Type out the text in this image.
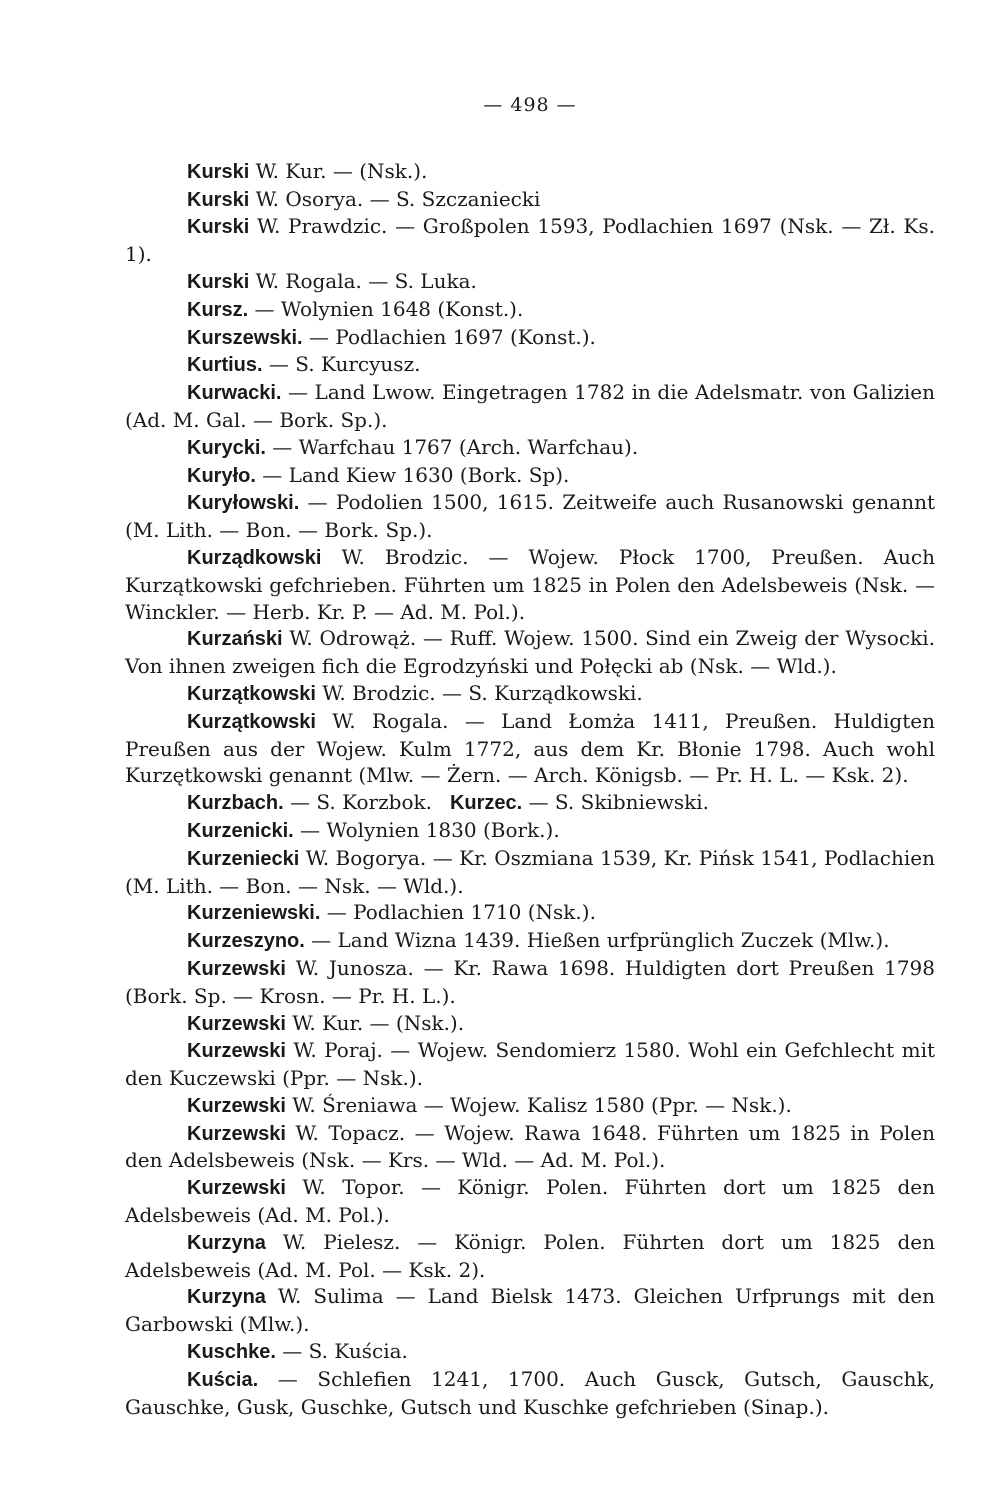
— 498 —

Kurski W. Kur. — (Nsk.).

Kurski W. Osorya. — S. Szczaniecki

Kurski W. Prawdzic. — Großpolen 1593, Podlachien 1697 (Nsk. — Zł. Ks. 1).

Kurski W. Rogala. — S. Luka.

Kursz. — Wolynien 1648 (Konst.).

Kurszewski. — Podlachien 1697 (Konst.).

Kurtius. — S. Kurcyusz.

Kurwacki. — Land Lwow. Eingetragen 1782 in die Adelsmatr. von Galizien (Ad. M. Gal. — Bork. Sp.).

Kurycki. — Warfchau 1767 (Arch. Warfchau).

Kuryło. — Land Kiew 1630 (Bork. Sp).

Kuryłowski. — Podolien 1500, 1615. Zeitweife auch Rusanowski genannt (M. Lith. — Bon. — Bork. Sp.).

Kurządkowski W. Brodzic. — Wojew. Płock 1700, Preußen. Auch Kurzątkowski gefchrieben. Führten um 1825 in Polen den Adelsbeweis (Nsk. — Winckler. — Herb. Kr. P. — Ad. M. Pol.).

Kurzański W. Odrowąż. — Ruff. Wojew. 1500. Sind ein Zweig der Wysocki. Von ihnen zweigen fich die Egrodzyński und Połęcki ab (Nsk. — Wld.).

Kurzątkowski W. Brodzic. — S. Kurządkowski.

Kurzątkowski W. Rogala. — Land Łomża 1411, Preußen. Huldigten Preußen aus der Wojew. Kulm 1772, aus dem Kr. Błonie 1798. Auch wohl Kurzętkowski genannt (Mlw. — Żern. — Arch. Königsb. — Pr. H. L. — Ksk. 2).

Kurzbach. — S. Korzbok. Kurzec. — S. Skibniewski.

Kurzenicki. — Wolynien 1830 (Bork.).

Kurzeniecki W. Bogorya. — Kr. Oszmiana 1539, Kr. Pińsk 1541, Podlachien (M. Lith. — Bon. — Nsk. — Wld.).

Kurzeniewski. — Podlachien 1710 (Nsk.).

Kurzeszyno. — Land Wizna 1439. Hießen urfprünglich Zuczek (Mlw.).

Kurzewski W. Junosza. — Kr. Rawa 1698. Huldigten dort Preußen 1798 (Bork. Sp. — Krosn. — Pr. H. L.).

Kurzewski W. Kur. — (Nsk.).

Kurzewski W. Poraj. — Wojew. Sendomierz 1580. Wohl ein Gefchlecht mit den Kuczewski (Ppr. — Nsk.).

Kurzewski W. Śreniawa — Wojew. Kalisz 1580 (Ppr. — Nsk.).

Kurzewski W. Topacz. — Wojew. Rawa 1648. Führten um 1825 in Polen den Adelsbeweis (Nsk. — Krs. — Wld. — Ad. M. Pol.).

Kurzewski W. Topor. — Königr. Polen. Führten dort um 1825 den Adelsbeweis (Ad. M. Pol.).

Kurzyna W. Pielesz. — Königr. Polen. Führten dort um 1825 den Adelsbeweis (Ad. M. Pol. — Ksk. 2).

Kurzyna W. Sulima — Land Bielsk 1473. Gleichen Urfprungs mit den Garbowski (Mlw.).

Kuschke. — S. Kuścia.

Kuścia. — Schlefien 1241, 1700. Auch Gusck, Gutsch, Gauschk, Gauschke, Gusk, Guschke, Gutsch und Kuschke gefchrieben (Sinap.).
